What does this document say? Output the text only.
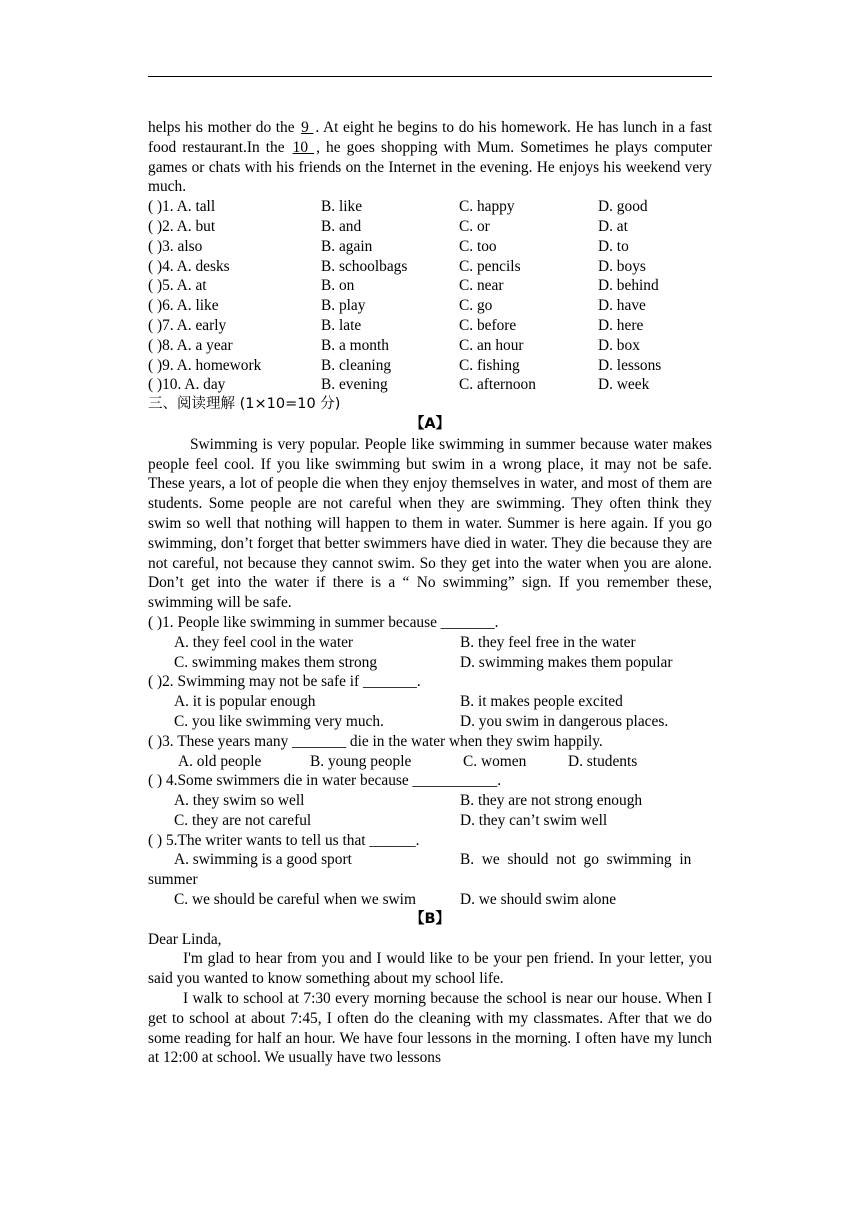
helps his mother do the 9 . At eight he begins to do his homework. He has lunch in a fast food restaurant.In the 10 , he goes shopping with Mum. Sometimes he plays computer games or chats with his friends on the Internet in the evening. He enjoys his weekend very much.

( )1. A. tall	B. like	C. happy	D. good
( )2. A. but	B. and	C. or	D. at
( )3. also	B. again	C. too	D. to
( )4. A. desks	B. schoolbags	C. pencils	D. boys
( )5. A. at	B. on	C. near	D. behind
( )6. A. like	B. play	C. go	D. have
( )7. A. early	B. late	C. before	D. here
( )8. A. a year	B. a month	C. an hour	D. box
( )9. A. homework	B. cleaning	C. fishing	D. lessons
( )10. A. day	B. evening	C. afternoon	D. week
三、阅读理解 (1×10=10 分)
【A】

Swimming is very popular. People like swimming in summer because water makes people feel cool. If you like swimming but swim in a wrong place, it may not be safe. These years, a lot of people die when they enjoy themselves in water, and most of them are students. Some people are not careful when they are swimming. They often think they swim so well that nothing will happen to them in water. Summer is here again. If you go swimming, don’t forget that better swimmers have died in water. They die because they are not careful, not because they cannot swim. So they get into the water when you are alone. Don’t get into the water if there is a “ No swimming” sign. If you remember these, swimming will be safe.

( )1. People like swimming in summer because _______.
A. they feel cool in the water	B. they feel free in the water
C. swimming makes them strong	D. swimming makes them popular
( )2. Swimming may not be safe if _______.
A. it is popular enough	B. it makes people excited
C. you like swimming very much.	D. you swim in dangerous places.
( )3. These years many _______ die in the water when they swim happily.
A. old people	B. young people	C. women	D. students
( ) 4.Some swimmers die in water because ___________.
A. they swim so well	B. they are not strong enough
C. they are not careful	D. they can’t swim well
( ) 5.The writer wants to tell us that ______.
A. swimming is a good sport	B.  we  should  not  go  swimming  in
summer
C. we should be careful when we swim	D. we should swim alone
【B】
Dear Linda,

I'm glad to hear from you and I would like to be your pen friend. In your letter, you said you wanted to know something about my school life.

I walk to school at 7:30 every morning because the school is near our house. When I get to school at about 7:45, I often do the cleaning with my classmates. After that we do some reading for half an hour. We have four lessons in the morning. I often have my lunch at 12:00 at school. We usually have two lessons
